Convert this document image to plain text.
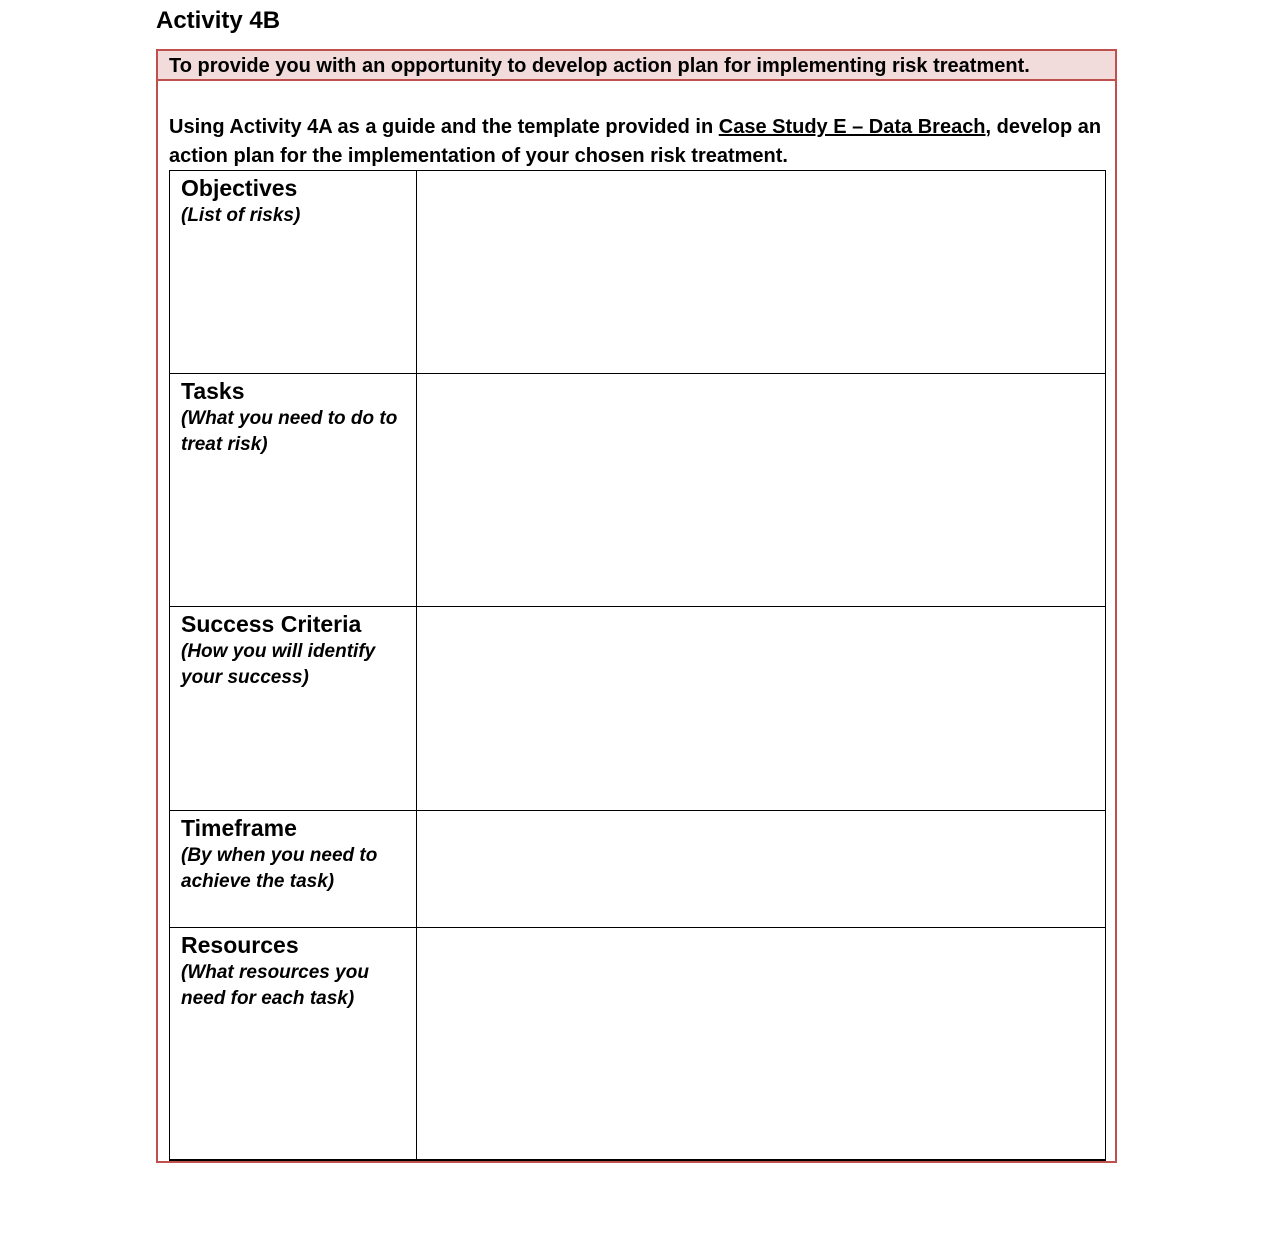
Activity 4B
To provide you with an opportunity to develop action plan for implementing risk treatment.
Using Activity 4A as a guide and the template provided in Case Study E – Data Breach, develop an action plan for the implementation of your chosen risk treatment.
Objectives
(List of risks)	

Tasks
(What you need to do to treat risk)	

Success Criteria
(How you will identify your success)	

Timeframe
(By when you need to achieve the task)	

Resources
(What resources you need for each task)	
